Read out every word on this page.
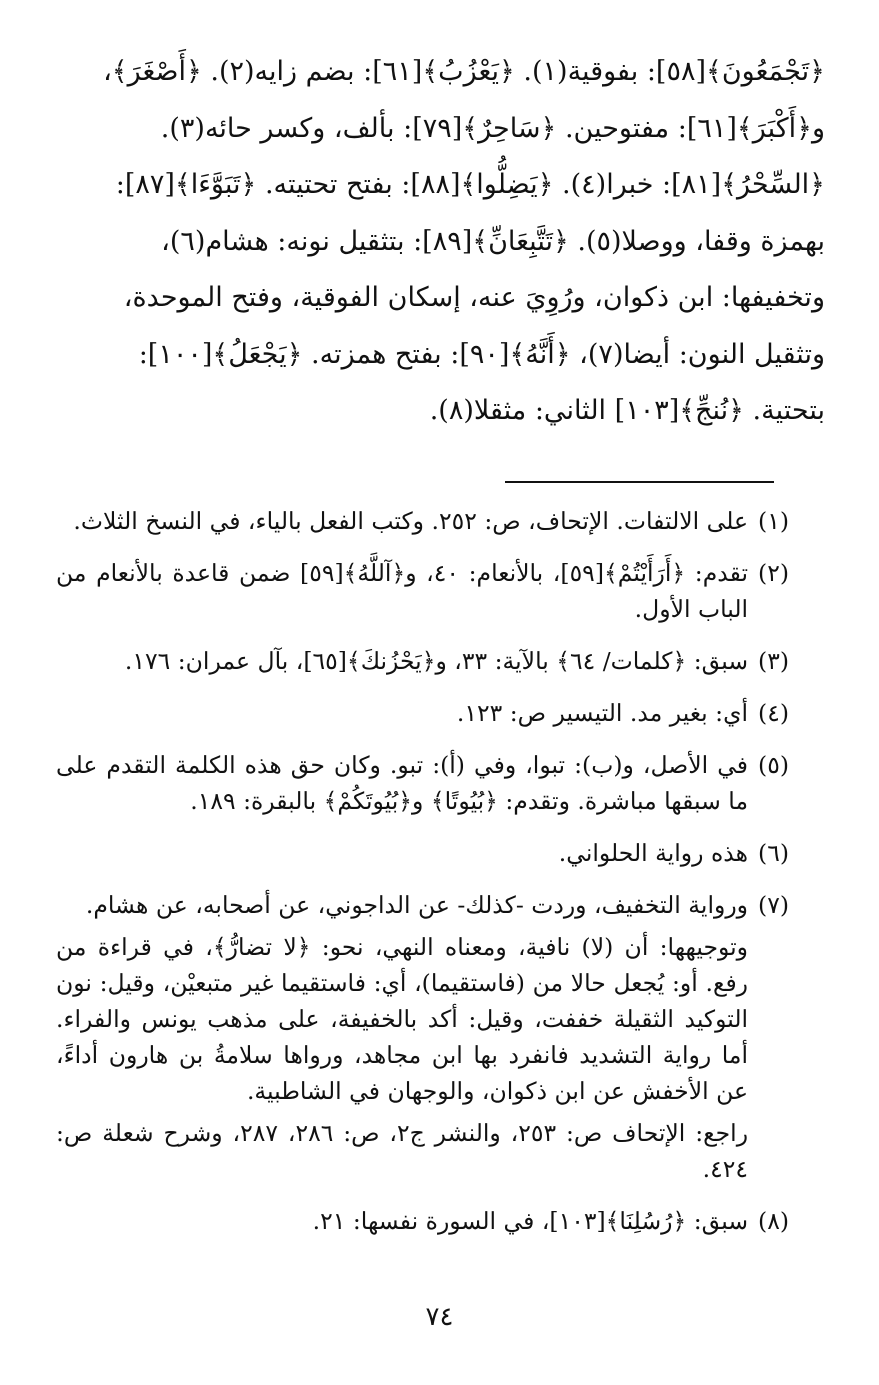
﴿تَجْمَعُونَ﴾[٥٨]: بفوقية(١). ﴿يَعْزُبُ﴾[٦١]: بضم زايه(٢). ﴿أَصْغَرَ﴾،

و﴿أَكْبَرَ﴾[٦١]: مفتوحين. ﴿سَاحِرٌ﴾[٧٩]: بألف، وكسر حائه(٣).

﴿السِّحْرُ﴾[٨١]: خبرا(٤). ﴿يَضِلُّوا﴾[٨٨]: بفتح تحتيته. ﴿تَبَوَّءَا﴾[٨٧]:

بهمزة وقفا، ووصلا(٥). ﴿تَتَّبِعَانِّ﴾[٨٩]: بتثقيل نونه: هشام(٦)،

وتخفيفها: ابن ذكوان، ورُوِيَ عنه، إسكان الفوقية، وفتح الموحدة،

وتثقيل النون: أيضا(٧)، ﴿أَنَّهُ﴾[٩٠]: بفتح همزته. ﴿يَجْعَلُ﴾[١٠٠]:

بتحتية. ﴿نُنجِّ﴾[١٠٣] الثاني: مثقلا(٨).

(١)

على الالتفات. الإتحاف، ص: ٢٥٢. وكتب الفعل بالياء، في النسخ الثلاث.

(٢)

تقدم: ﴿أَرَأَيْتُمْ﴾[٥٩]، بالأنعام: ٤٠، و﴿آللَّهُ﴾[٥٩] ضمن قاعدة بالأنعام من الباب الأول.

(٣)

سبق: ﴿كلمات/ ٦٤﴾ بالآية: ٣٣، و﴿يَحْزُنكَ﴾[٦٥]، بآل عمران: ١٧٦.

(٤)

أي: بغير مد. التيسير ص: ١٢٣.

(٥)

في الأصل، و(ب): تبوا، وفي (أ): تبو. وكان حق هذه الكلمة التقدم على ما سبقها مباشرة. وتقدم: ﴿بُيُوتًا﴾ و﴿بُيُوتَكُمْ﴾ بالبقرة: ١٨٩.

(٦)

هذه رواية الحلواني.

(٧)

ورواية التخفيف، وردت -كذلك- عن الداجوني، عن أصحابه، عن هشام.

وتوجيهها: أن (لا) نافية، ومعناه النهي، نحو: ﴿لا تضارُّ﴾، في قراءة من رفع. أو: يُجعل حالا من (فاستقيما)، أي: فاستقيما غير متبعيْن، وقيل: نون التوكيد الثقيلة خففت، وقيل: أكد بالخفيفة، على مذهب يونس والفراء. أما رواية التشديد فانفرد بها ابن مجاهد، ورواها سلامةُ بن هارون أداءً، عن الأخفش عن ابن ذكوان، والوجهان في الشاطبية.

راجع: الإتحاف ص: ٢٥٣، والنشر ج٢، ص: ٢٨٦، ٢٨٧، وشرح شعلة ص: ٤٢٤.

(٨)

سبق: ﴿رُسُلِنَا﴾[١٠٣]، في السورة نفسها: ٢١.

٧٤
